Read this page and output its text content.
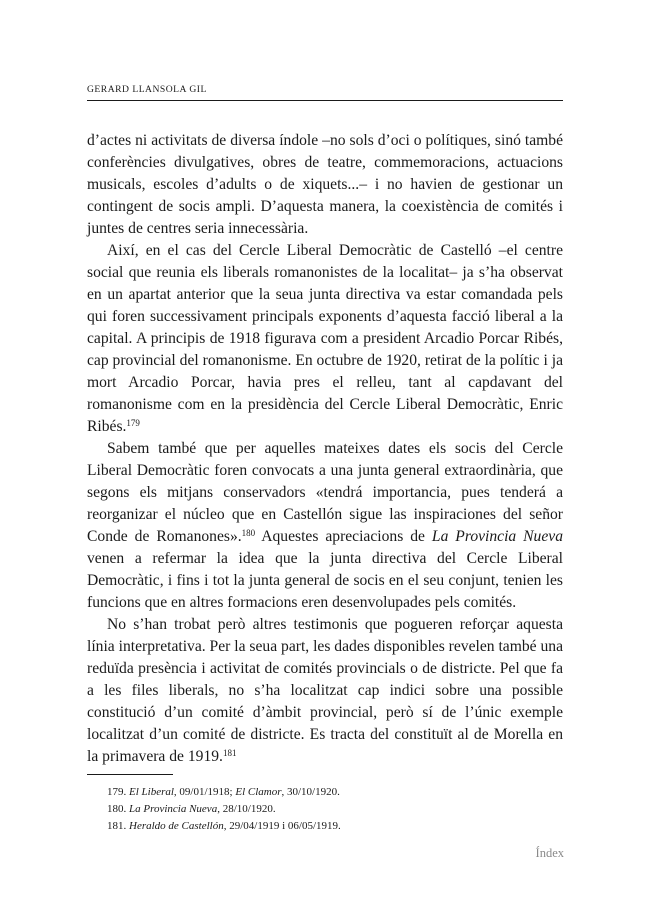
GERARD LLANSOLA GIL

d’actes ni activitats de diversa índole –no sols d’oci o polítiques, sinó també conferències divulgatives, obres de teatre, commemoracions, actuacions musicals, escoles d’adults o de xiquets...– i no havien de gestionar un contingent de socis ampli. D’aquesta manera, la coexistència de comités i juntes de centres seria innecessària.

Així, en el cas del Cercle Liberal Democràtic de Castelló –el centre social que reunia els liberals romanonistes de la localitat– ja s’ha observat en un apartat anterior que la seua junta directiva va estar comandada pels qui foren successivament principals exponents d’aquesta facció liberal a la capital. A principis de 1918 figurava com a president Arcadio Porcar Ribés, cap provincial del romanonisme. En octubre de 1920, retirat de la polític i ja mort Arcadio Porcar, havia pres el relleu, tant al capdavant del romanonisme com en la presidència del Cercle Liberal Democràtic, Enric Ribés.$^{179}$

Sabem també que per aquelles mateixes dates els socis del Cercle Liberal Democràtic foren convocats a una junta general extraordinària, que segons els mitjans conservadors «tendrá importancia, pues tenderá a reorganizar el núcleo que en Castellón sigue las inspiraciones del señor Conde de Romanones».$^{180}$ Aquestes apreciacions de La Provincia Nueva venen a refermar la idea que la junta directiva del Cercle Liberal Democràtic, i fins i tot la junta general de socis en el seu conjunt, tenien les funcions que en altres formacions eren desenvolupades pels comités.

No s’han trobat però altres testimonis que pogueren reforçar aquesta línia interpretativa. Per la seua part, les dades disponibles revelen també una reduïda presència i activitat de comités provincials o de districte. Pel que fa a les files liberals, no s’ha localitzat cap indici sobre una possible constitució d’un comité d’àmbit provincial, però sí de l’únic exemple localitzat d’un comité de districte. Es tracta del constituït al de Morella en la primavera de 1919.$^{181}$

179. El Liberal, 09/01/1918; El Clamor, 30/10/1920.
180. La Provincia Nueva, 28/10/1920.
181. Heraldo de Castellón, 29/04/1919 i 06/05/1919.
Índex
